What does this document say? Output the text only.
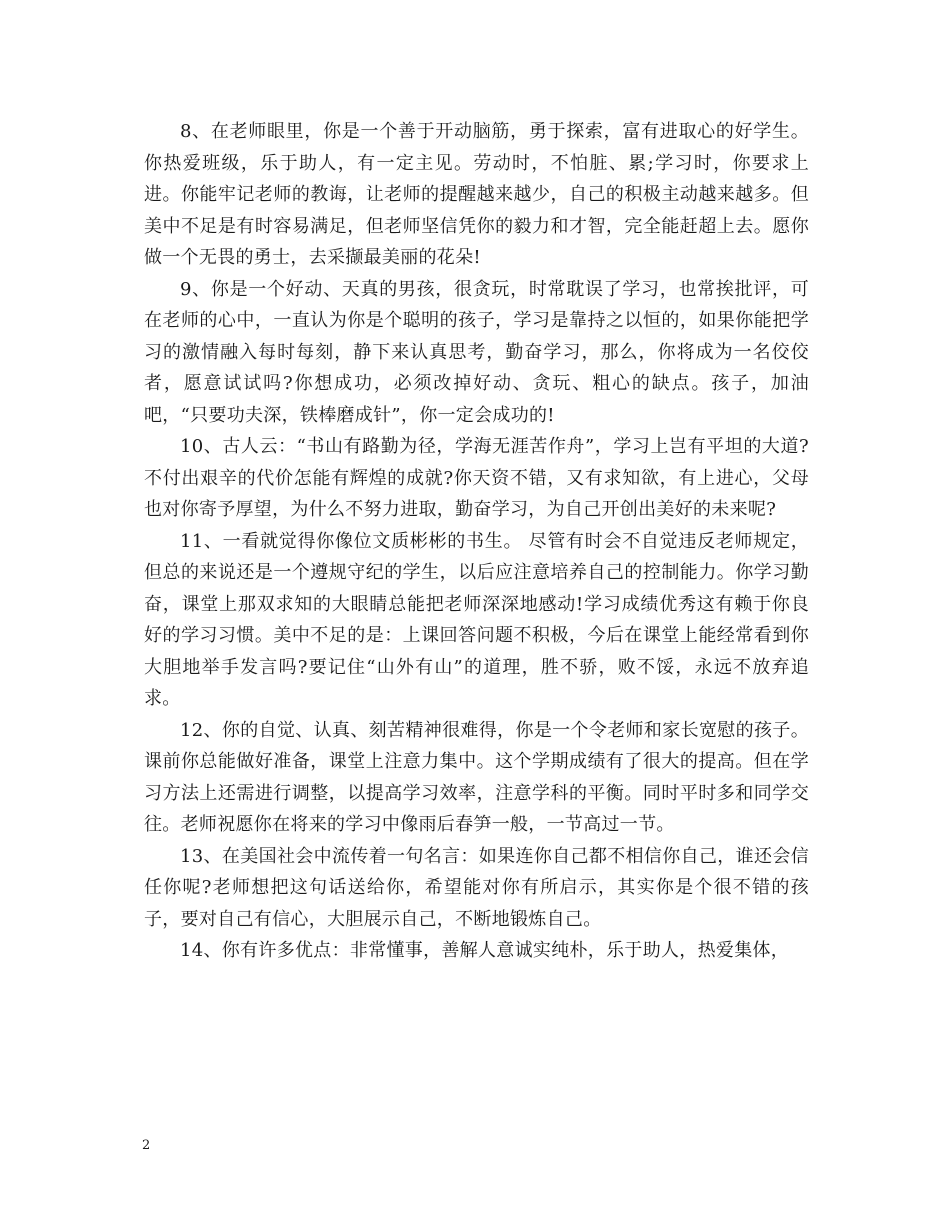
8、在老师眼里，你是一个善于开动脑筋，勇于探索，富有进取心的好学生。你热爱班级，乐于助人，有一定主见。劳动时，不怕脏、累;学习时，你要求上进。你能牢记老师的教诲，让老师的提醒越来越少，自己的积极主动越来越多。但美中不足是有时容易满足，但老师坚信凭你的毅力和才智，完全能赶超上去。愿你做一个无畏的勇士，去采撷最美丽的花朵!

9、你是一个好动、天真的男孩，很贪玩，时常耽误了学习，也常挨批评，可在老师的心中，一直认为你是个聪明的孩子，学习是靠持之以恒的，如果你能把学习的激情融入每时每刻，静下来认真思考，勤奋学习，那么，你将成为一名佼佼者，愿意试试吗?你想成功，必须改掉好动、贪玩、粗心的缺点。孩子，加油吧，“只要功夫深，铁棒磨成针”，你一定会成功的!

10、古人云：“书山有路勤为径，学海无涯苦作舟”，学习上岂有平坦的大道?不付出艰辛的代价怎能有辉煌的成就?你天资不错，又有求知欲，有上进心，父母也对你寄予厚望，为什么不努力进取，勤奋学习，为自己开创出美好的未来呢?

11、一看就觉得你像位文质彬彬的书生。 尽管有时会不自觉违反老师规定，但总的来说还是一个遵规守纪的学生，以后应注意培养自己的控制能力。你学习勤奋，课堂上那双求知的大眼睛总能把老师深深地感动!学习成绩优秀这有赖于你良好的学习习惯。美中不足的是：上课回答问题不积极，今后在课堂上能经常看到你大胆地举手发言吗?要记住“山外有山”的道理，胜不骄，败不馁，永远不放弃追求。

12、你的自觉、认真、刻苦精神很难得，你是一个令老师和家长宽慰的孩子。课前你总能做好准备，课堂上注意力集中。这个学期成绩有了很大的提高。但在学习方法上还需进行调整，以提高学习效率，注意学科的平衡。同时平时多和同学交往。老师祝愿你在将来的学习中像雨后春笋一般，一节高过一节。

13、在美国社会中流传着一句名言：如果连你自己都不相信你自己，谁还会信任你呢?老师想把这句话送给你，希望能对你有所启示，其实你是个很不错的孩子，要对自己有信心，大胆展示自己，不断地锻炼自己。

14、你有许多优点：非常懂事，善解人意诚实纯朴，乐于助人，热爱集体，

2
